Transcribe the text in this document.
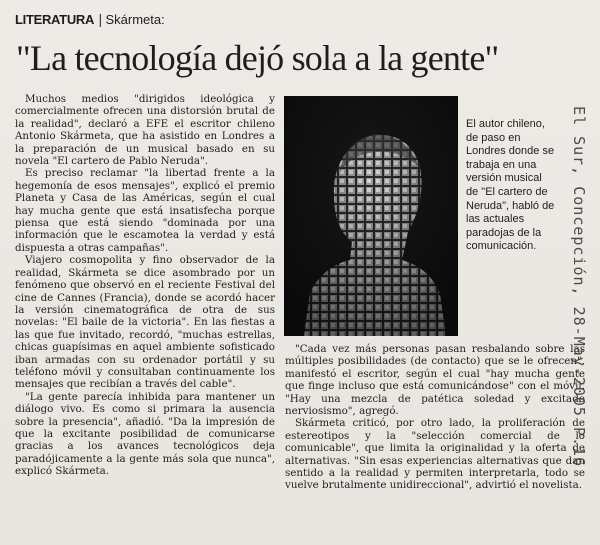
LITERATURA | Skármeta:
"La tecnología dejó sola a la gente"

Muchos medios "dirigidos ideológica y comercialmente ofrecen una distorsión brutal de la realidad", declaró a EFE el escritor chileno Antonio Skármeta, que ha asistido en Londres a la preparación de un musical basado en su novela "El cartero de Pablo Neruda".

Es preciso reclamar "la libertad frente a la hegemonía de esos mensajes", explicó el premio Planeta y Casa de las Américas, según el cual hay mucha gente que está insatisfecha porque piensa que está siendo "dominada por una información que le escamotea la verdad y está dispuesta a otras campañas".

Viajero cosmopolita y fino observador de la realidad, Skármeta se dice asombrado por un fenómeno que observó en el reciente Festival del cine de Cannes (Francia), donde se acordó hacer la versión cinematográfica de otra de sus novelas: "El baile de la victoria". En las fiestas a las que fue invitado, recordó, "muchas estrellas, chicas guapísimas en aquel ambiente sofisticado iban armadas con su ordenador portátil y su teléfono móvil y consultaban continuamente los mensajes que recibían a través del cable".

"La gente parecía inhibida para mantener un diálogo vivo. Es como si primara la ausencia sobre la presencia", añadió. "Da la impresión de que la excitante posibilidad de comunicarse gracias a los avances tecnológicos deja paradójicamente a la gente más sola que nunca", explicó Skármeta.

El autor chileno, de paso en Londres donde se trabaja en una versión musical de "El cartero de Neruda", habló de las actuales paradojas de la comunicación.

"Cada vez más personas pasan resbalando sobre las múltiples posibilidades (de contacto) que se le ofrecen", manifestó el escritor, según el cual "hay mucha gente que finge incluso que está comunicándose" con el móvil. "Hay una mezcla de patética soledad y excitado nerviosismo", agregó.

Skármeta criticó, por otro lado, la proliferación de estereotipos y la "selección comercial de lo comunicable", que limita la originalidad y la oferta de alternativas. "Sin esas experiencias alternativas que dan sentido a la realidad y permiten interpretarla, todo se vuelve brutalmente unidireccional", advirtió el novelista.

El Sur, Concepción, 28-May-2005 P.16
